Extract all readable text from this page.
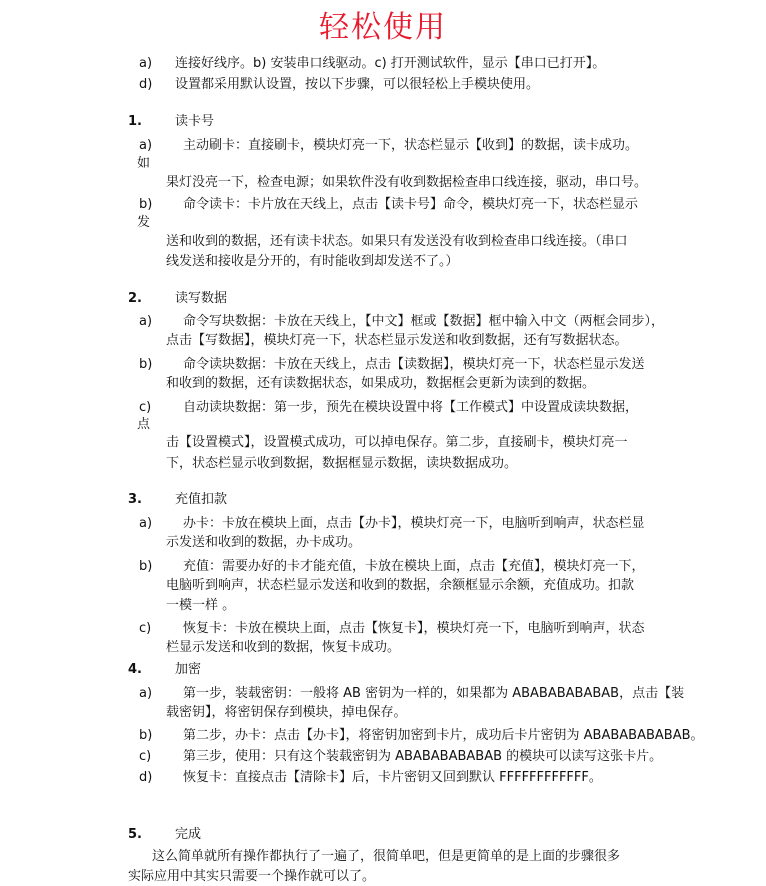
轻松使用
a) 连接好线序。b) 安装串口线驱动。c) 打开测试软件，显示【串口已打开】。
d) 设置都采用默认设置，按以下步骤，可以很轻松上手模块使用。
1.	读卡号
a) 主动刷卡：直接刷卡，模块灯亮一下，状态栏显示【收到】的数据，读卡成功。
如
果灯没亮一下，检查电源；如果软件没有收到数据检查串口线连接，驱动，串口号。
b) 命令读卡：卡片放在天线上，点击【读卡号】命令，模块灯亮一下，状态栏显示
发
送和收到的数据，还有读卡状态。如果只有发送没有收到检查串口线连接。（串口
线发送和接收是分开的，有时能收到却发送不了。）
2.	读写数据
a) 命令写块数据：卡放在天线上，【中文】框或【数据】框中输入中文（两框会同步），
点击【写数据】，模块灯亮一下，状态栏显示发送和收到数据，还有写数据状态。
b) 命令读块数据：卡放在天线上，点击【读数据】，模块灯亮一下，状态栏显示发送
和收到的数据，还有读数据状态，如果成功，数据框会更新为读到的数据。
c) 自动读块数据：第一步，预先在模块设置中将【工作模式】中设置成读块数据，
点
击【设置模式】，设置模式成功，可以掉电保存。第二步，直接刷卡，模块灯亮一
下，状态栏显示收到数据，数据框显示数据，读块数据成功。
3.	充值扣款
a) 办卡：卡放在模块上面，点击【办卡】，模块灯亮一下，电脑听到响声，状态栏显
示发送和收到的数据，办卡成功。
b) 充值：需要办好的卡才能充值，卡放在模块上面，点击【充值】，模块灯亮一下，
电脑听到响声，状态栏显示发送和收到的数据，余额框显示余额，充值成功。扣款
一模一样 。
c) 恢复卡：卡放在模块上面，点击【恢复卡】，模块灯亮一下，电脑听到响声，状态
栏显示发送和收到的数据，恢复卡成功。
4.	加密
a) 第一步，装载密钥：一般将 AB 密钥为一样的，如果都为 ABABABABABAB，点击【装
载密钥】，将密钥保存到模块，掉电保存。
b) 第二步，办卡：点击【办卡】，将密钥加密到卡片，成功后卡片密钥为 ABABABABABAB。
c) 第三步，使用：只有这个装载密钥为 ABABABABABAB 的模块可以读写这张卡片。
d) 恢复卡：直接点击【清除卡】后，卡片密钥又回到默认 FFFFFFFFFFFF。
5.	完成
这么简单就所有操作都执行了一遍了，很简单吧，但是更简单的是上面的步骤很多
实际应用中其实只需要一个操作就可以了。
